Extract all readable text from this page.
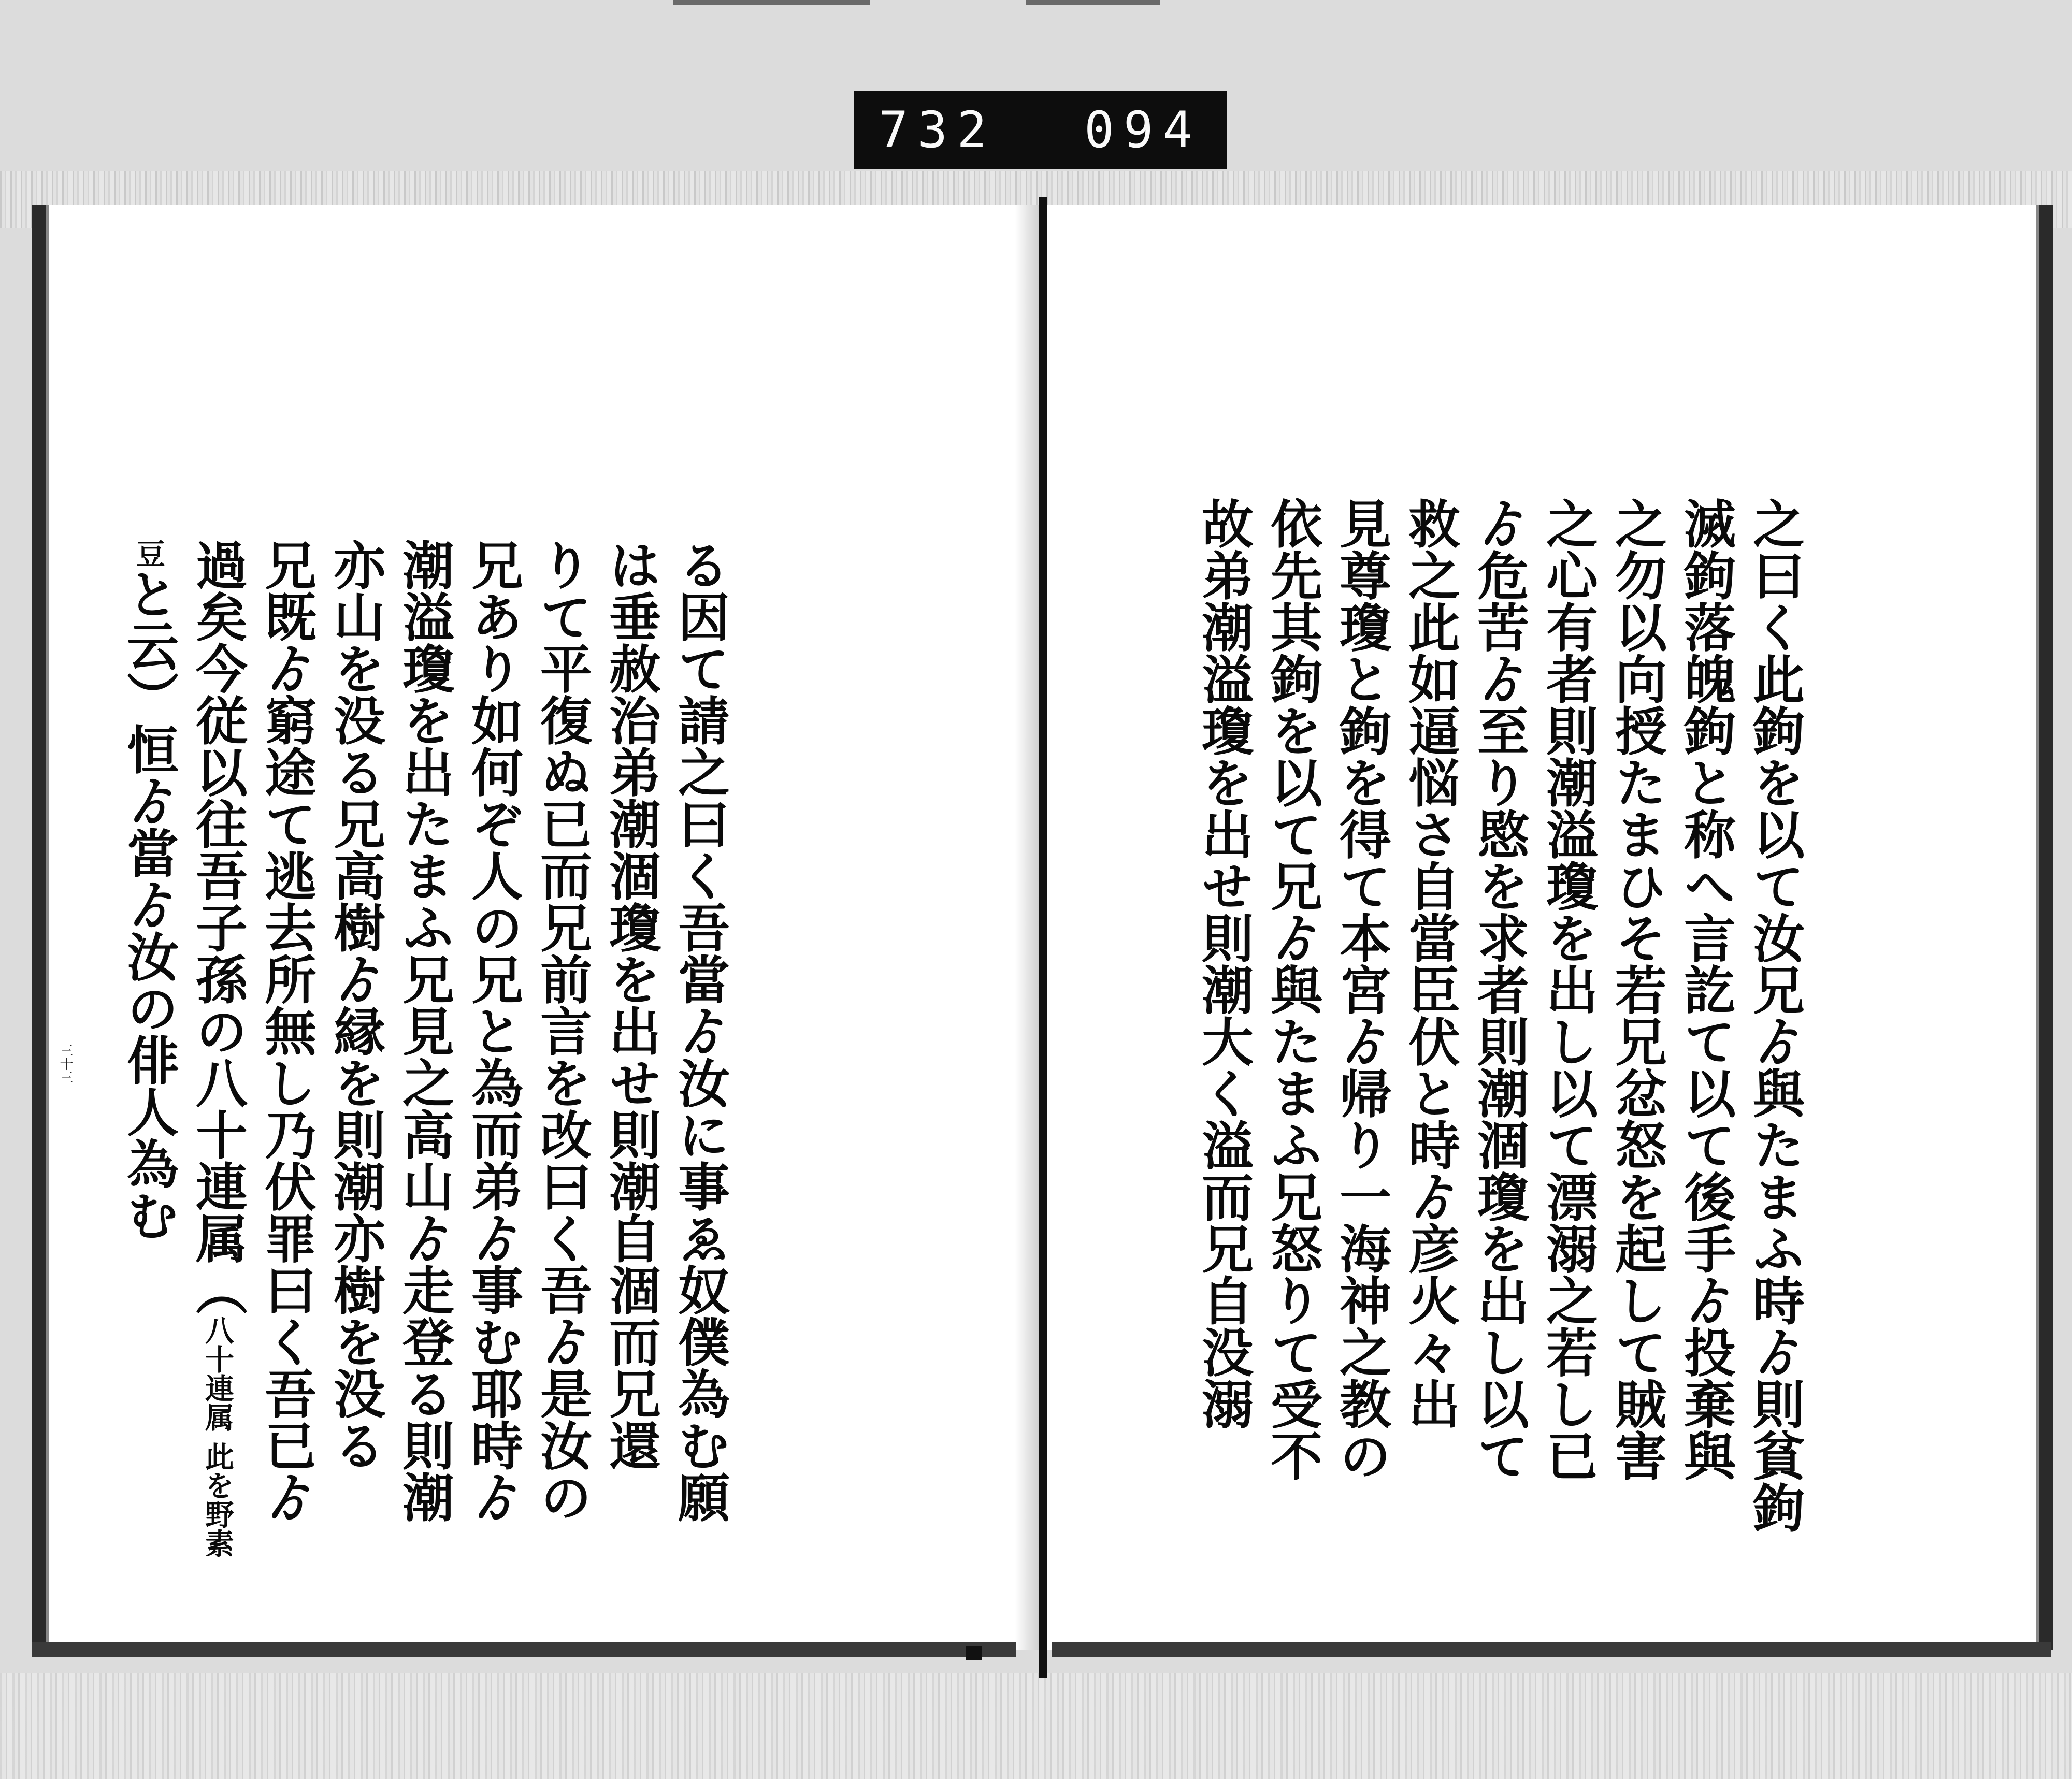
732 094
三十三	る因て請之曰く吾當ゟ汝に事ゑ奴僕為む願
は垂赦治弟潮涸瓊を出せ則潮自涸而兄還
りて平復ぬ已而兄前言を改曰く吾ゟ是汝の
兄あり如何ぞ人の兄と為而弟ゟ事む耶時ゟ
潮溢瓊を出たまふ兄見之高山ゟ走登る則潮
亦山を没る兄高樹ゟ縁を則潮亦樹を没る
兄既ゟ窮途て逃去所無し乃伏罪曰く吾已ゟ
過矣今従以往吾子孫の八十連属（八十連属 此を野素
豆と云）恒ゟ當ゟ汝の俳人為む	之曰く此鉤を以て汝兄ゟ與たまふ時ゟ則貧鉤
滅鉤落魄鉤と称へ言訖て以て後手ゟ投棄與
之勿以向授たまひそ若兄忿怒を起して賊害
之心有者則潮溢瓊を出し以て漂溺之若し已
ゟ危苦ゟ至り愍を求者則潮涸瓊を出し以て
救之此如逼悩さ自當臣伏と時ゟ彦火々出
見尊瓊と鉤を得て本宮ゟ帰り一海神之教の
依先其鉤を以て兄ゟ與たまふ兄怒りて受不
故弟潮溢瓊を出せ則潮大く溢而兄自没溺
